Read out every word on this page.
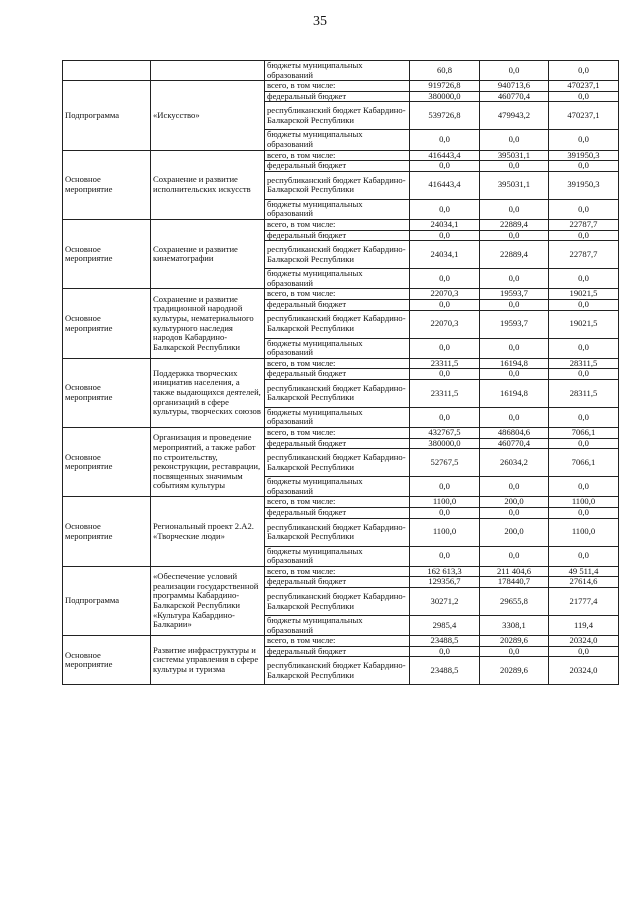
35
		бюджеты муниципальных образований	60,8	0,0	0,0
Подпрограмма	«Искусство»	всего, в том числе:	919726,8	940713,6	470237,1
		федеральный бюджет	380000,0	460770,4	0,0
		республиканский бюджет Кабардино-Балкарской Республики	539726,8	479943,2	470237,1
		бюджеты муниципальных образований	0,0	0,0	0,0
Основное мероприятие	Сохранение и развитие исполнительских искусств	всего, в том числе:	416443,4	395031,1	391950,3
		федеральный бюджет	0,0	0,0	0,0
		республиканский бюджет Кабардино-Балкарской Республики	416443,4	395031,1	391950,3
		бюджеты муниципальных образований	0,0	0,0	0,0
Основное мероприятие	Сохранение и развитие кинематографии	всего, в том числе:	24034,1	22889,4	22787,7
		федеральный бюджет	0,0	0,0	0,0
		республиканский бюджет Кабардино-Балкарской Республики	24034,1	22889,4	22787,7
		бюджеты муниципальных образований	0,0	0,0	0,0
Основное мероприятие	Сохранение и развитие традиционной народной культуры, нематериального культурного наследия народов Кабардино-Балкарской Республики	всего, в том числе:	22070,3	19593,7	19021,5
		федеральный бюджет	0,0	0,0	0,0
		республиканский бюджет Кабардино-Балкарской Республики	22070,3	19593,7	19021,5
		бюджеты муниципальных образований	0,0	0,0	0,0
Основное мероприятие	Поддержка творческих инициатив населения, а также выдающихся деятелей, организаций в сфере культуры, творческих союзов	всего, в том числе:	23311,5	16194,8	28311,5
		федеральный бюджет	0,0	0,0	0,0
		республиканский бюджет Кабардино-Балкарской Республики	23311,5	16194,8	28311,5
		бюджеты муниципальных образований	0,0	0,0	0,0
Основное мероприятие	Организация и проведение мероприятий, а также работ по строительству, реконструкции, реставрации, посвященных значимым событиям культуры	всего, в том числе:	432767,5	486804,6	7066,1
		федеральный бюджет	380000,0	460770,4	0,0
		республиканский бюджет Кабардино-Балкарской Республики	52767,5	26034,2	7066,1
		бюджеты муниципальных образований	0,0	0,0	0,0
Основное мероприятие	Региональный проект 2.А2. «Творческие люди»	всего, в том числе:	1100,0	200,0	1100,0
		федеральный бюджет	0,0	0,0	0,0
		республиканский бюджет Кабардино-Балкарской Республики	1100,0	200,0	1100,0
		бюджеты муниципальных образований	0,0	0,0	0,0
Подпрограмма	«Обеспечение условий реализации государственной программы Кабардино-Балкарской Республики «Культура Кабардино-Балкарии»	всего, в том числе:	162 613,3	211 404,6	49 511,4
		федеральный бюджет	129356,7	178440,7	27614,6
		республиканский бюджет Кабардино-Балкарской Республики	30271,2	29655,8	21777,4
		бюджеты муниципальных образований	2985,4	3308,1	119,4
Основное мероприятие	Развитие инфраструктуры и системы управления в сфере культуры и туризма	всего, в том числе:	23488,5	20289,6	20324,0
		федеральный бюджет	0,0	0,0	0,0
		республиканский бюджет Кабардино-Балкарской Республики	23488,5	20289,6	20324,0
